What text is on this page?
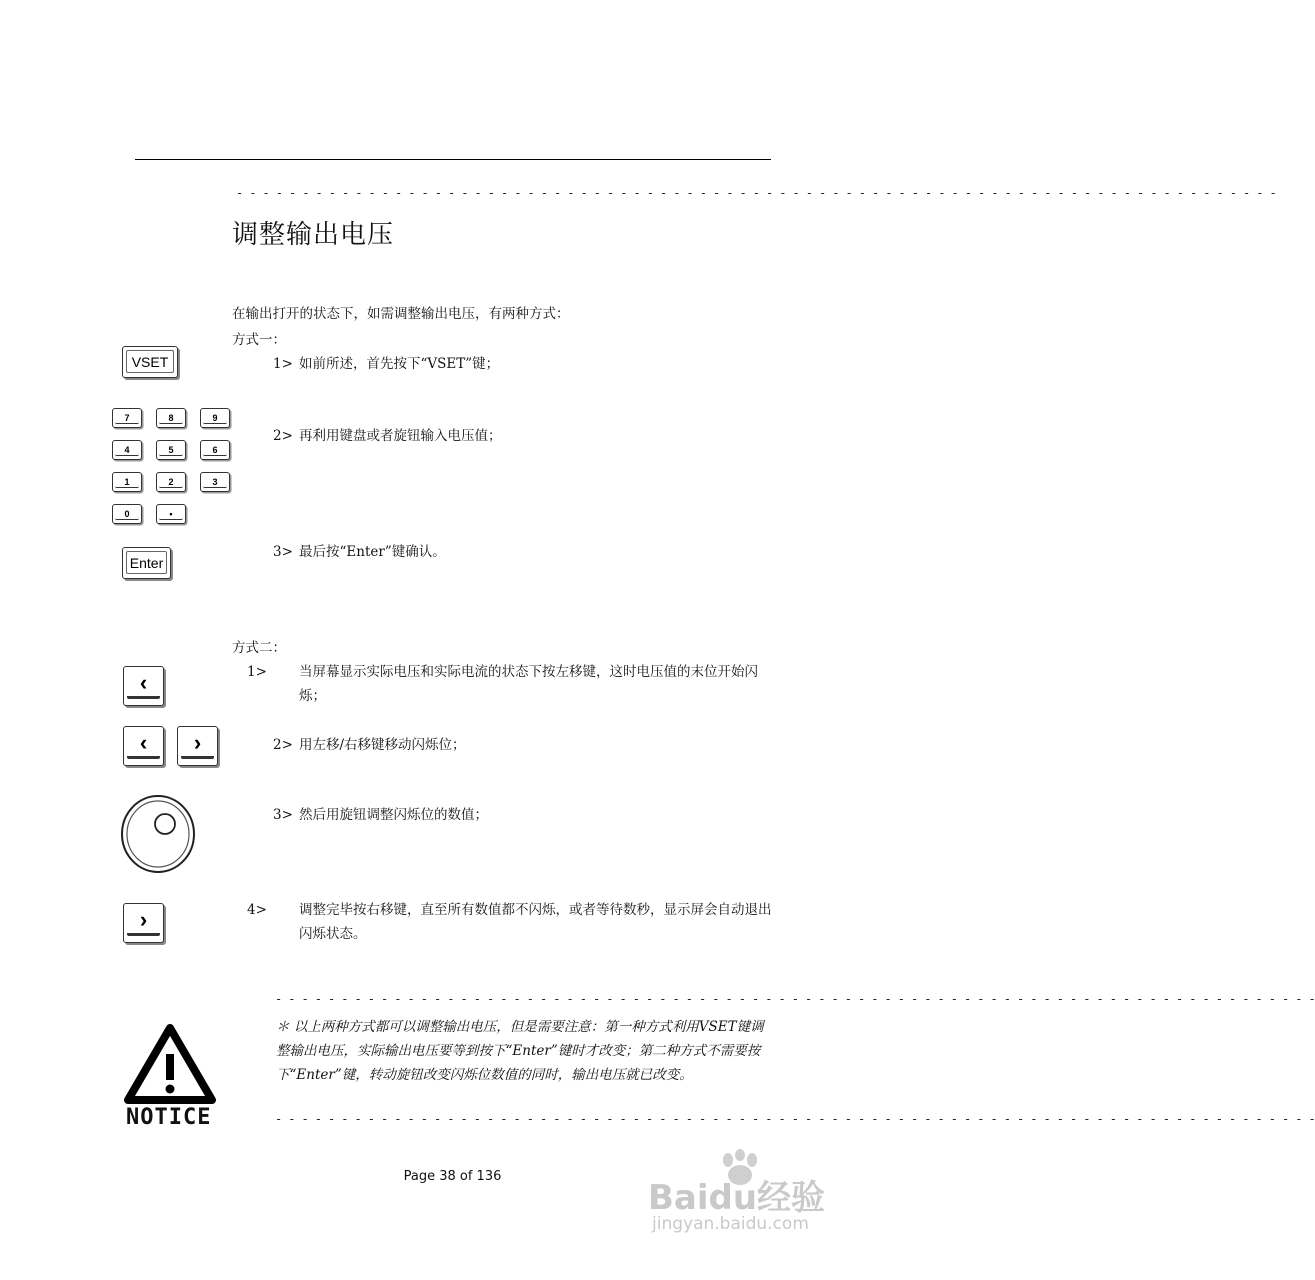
- - - - - - - - - - - - - - - - - - - - - - - - - - - - - - - - - - - - - - - - - - - - - - - - - - - - - - - - - - - - - - - - - - - - - - - - - - - - - - -
调整输出电压
在输出打开的状态下，如需调整输出电压，有两种方式：
方式一：
VSET	1> 如前所述，首先按下“VSET”键；
7	8	9
4	5	6
1	2	3
0	•
2> 再利用键盘或者旋钮输入电压值；
Enter
3> 最后按“Enter”键确认。
方式二：
‹	1> 当屏幕显示实际电压和实际电流的状态下按左移键，这时电压值的末位开始闪烁；
‹	›	2> 用左移/右移键移动闪烁位；
3> 然后用旋钮调整闪烁位的数值；
›	4> 调整完毕按右移键，直至所有数值都不闪烁，或者等待数秒，显示屏会自动退出闪烁状态。
- - - - - - - - - - - - - - - - - - - - - - - - - - - - - - - - - - - - - - - - - - - - - - - - - - - - - - - - - - - - - - - - - - - - - - - - - - - - - - -
NOTICE
＊ 以上两种方式都可以调整输出电压，但是需要注意：第一种方式利用VSET键调整输出电压，实际输出电压要等到按下“Enter”键时才改变；第二种方式不需要按下“Enter”键，转动旋钮改变闪烁位数值的同时，输出电压就已改变。
- - - - - - - - - - - - - - - - - - - - - - - - - - - - - - - - - - - - - - - - - - - - - - - - - - - - - - - - - - - - - - - - - - - - - - - - - - - - - - -
Page 38 of 136
Baidu经验
jingyan.baidu.com
